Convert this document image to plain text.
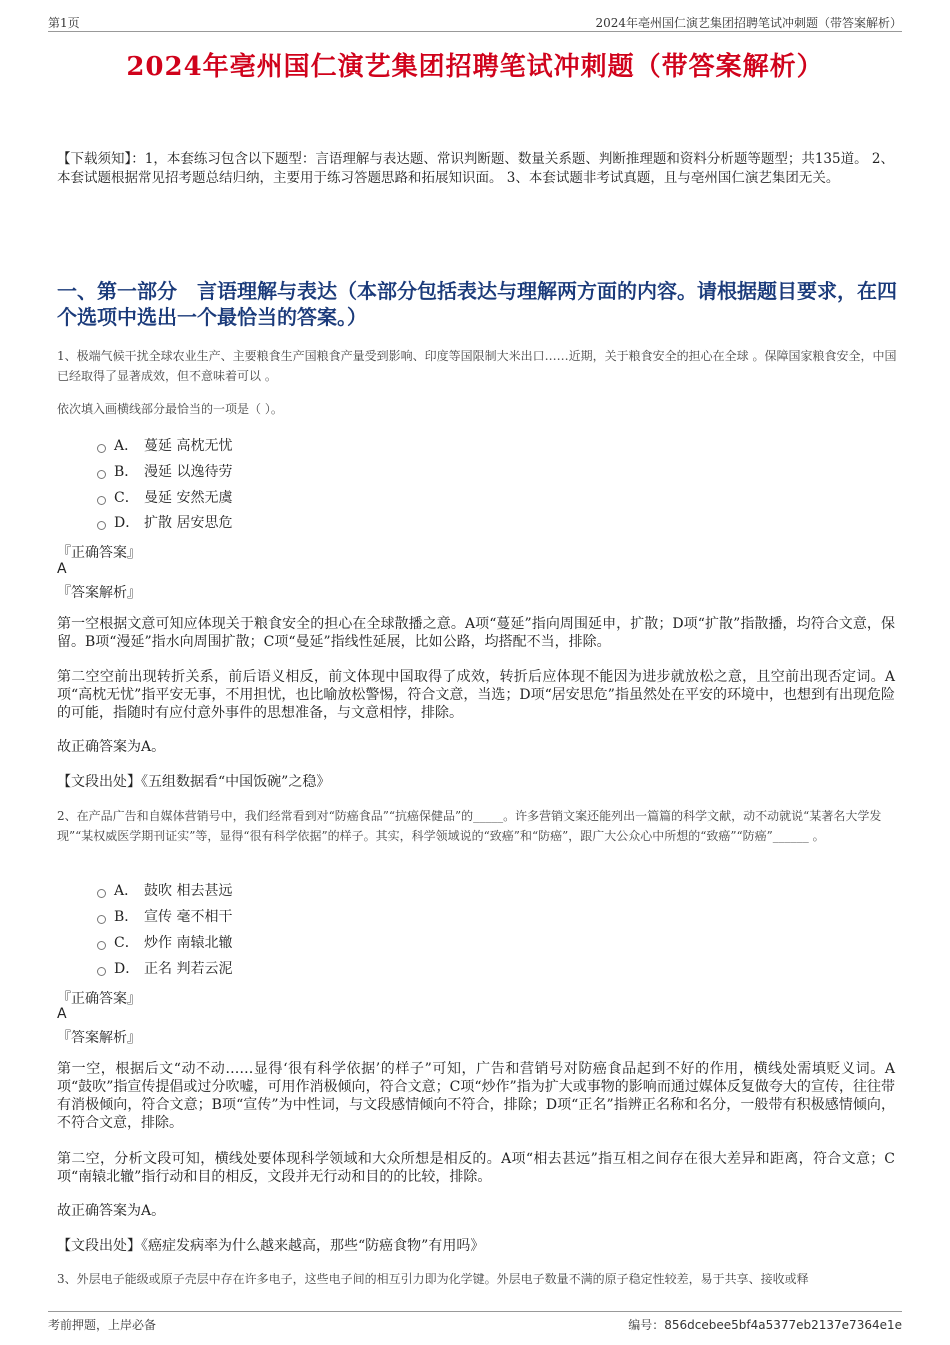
第1页	2024年亳州国仁演艺集团招聘笔试冲刺题（带答案解析）
2024年亳州国仁演艺集团招聘笔试冲刺题（带答案解析）

【下载须知】：1，本套练习包含以下题型：言语理解与表达题、常识判断题、数量关系题、判断推理题和资料分析题等题型；共135道。 2、本套试题根据常见招考题总结归纳，主要用于练习答题思路和拓展知识面。 3、本套试题非考试真题，且与亳州国仁演艺集团无关。

一、第一部分　言语理解与表达（本部分包括表达与理解两方面的内容。请根据题目要求，在四个选项中选出一个最恰当的答案。）

1、极端气候干扰全球农业生产、主要粮食生产国粮食产量受到影响、印度等国限制大米出口……近期，关于粮食安全的担心在全球 。保障国家粮食安全，中国已经取得了显著成效，但不意味着可以 。

依次填入画横线部分最恰当的一项是（ ）。

A． 蔓延 高枕无忧
B． 漫延 以逸待劳
C． 曼延 安然无虞
D． 扩散 居安思危
『正确答案』
A
『答案解析』

第一空根据文意可知应体现关于粮食安全的担心在全球散播之意。A项“蔓延”指向周围延申，扩散；D项“扩散”指散播，均符合文意，保留。B项“漫延”指水向周围扩散；C项“曼延”指线性延展，比如公路，均搭配不当，排除。

第二空空前出现转折关系，前后语义相反，前文体现中国取得了成效，转折后应体现不能因为进步就放松之意，且空前出现否定词。A项“高枕无忧”指平安无事，不用担忧，也比喻放松警惕，符合文意，当选；D项“居安思危”指虽然处在平安的环境中，也想到有出现危险的可能，指随时有应付意外事件的思想准备，与文意相悖，排除。

故正确答案为A。

【文段出处】《五组数据看“中国饭碗”之稳》

2、在产品广告和自媒体营销号中，我们经常看到对“防癌食品”“抗癌保健品”的_____。许多营销文案还能列出一篇篇的科学文献，动不动就说“某著名大学发现”“某权威医学期刊证实”等，显得“很有科学依据”的样子。其实，科学领域说的“致癌”和“防癌”，跟广大公众心中所想的“致癌”“防癌”______ 。

A． 鼓吹 相去甚远
B． 宣传 毫不相干
C． 炒作 南辕北辙
D． 正名 判若云泥
『正确答案』
A
『答案解析』

第一空，根据后文“动不动……显得‘很有科学依据’的样子”可知，广告和营销号对防癌食品起到不好的作用，横线处需填贬义词。A项“鼓吹”指宣传提倡或过分吹嘘，可用作消极倾向，符合文意；C项“炒作”指为扩大或事物的影响而通过媒体反复做夸大的宣传，往往带有消极倾向，符合文意；B项“宣传”为中性词，与文段感情倾向不符合，排除；D项“正名”指辨正名称和名分，一般带有积极感情倾向，不符合文意，排除。

第二空，分析文段可知，横线处要体现科学领域和大众所想是相反的。A项“相去甚远”指互相之间存在很大差异和距离，符合文意；C项“南辕北辙”指行动和目的相反，文段并无行动和目的的比较，排除。

故正确答案为A。

【文段出处】《癌症发病率为什么越来越高，那些“防癌食物”有用吗》

3、外层电子能级或原子壳层中存在许多电子，这些电子间的相互引力即为化学键。外层电子数量不满的原子稳定性较差，易于共享、接收或释

考前押题，上岸必备	编号：856dcebee5bf4a5377eb2137e7364e1e
